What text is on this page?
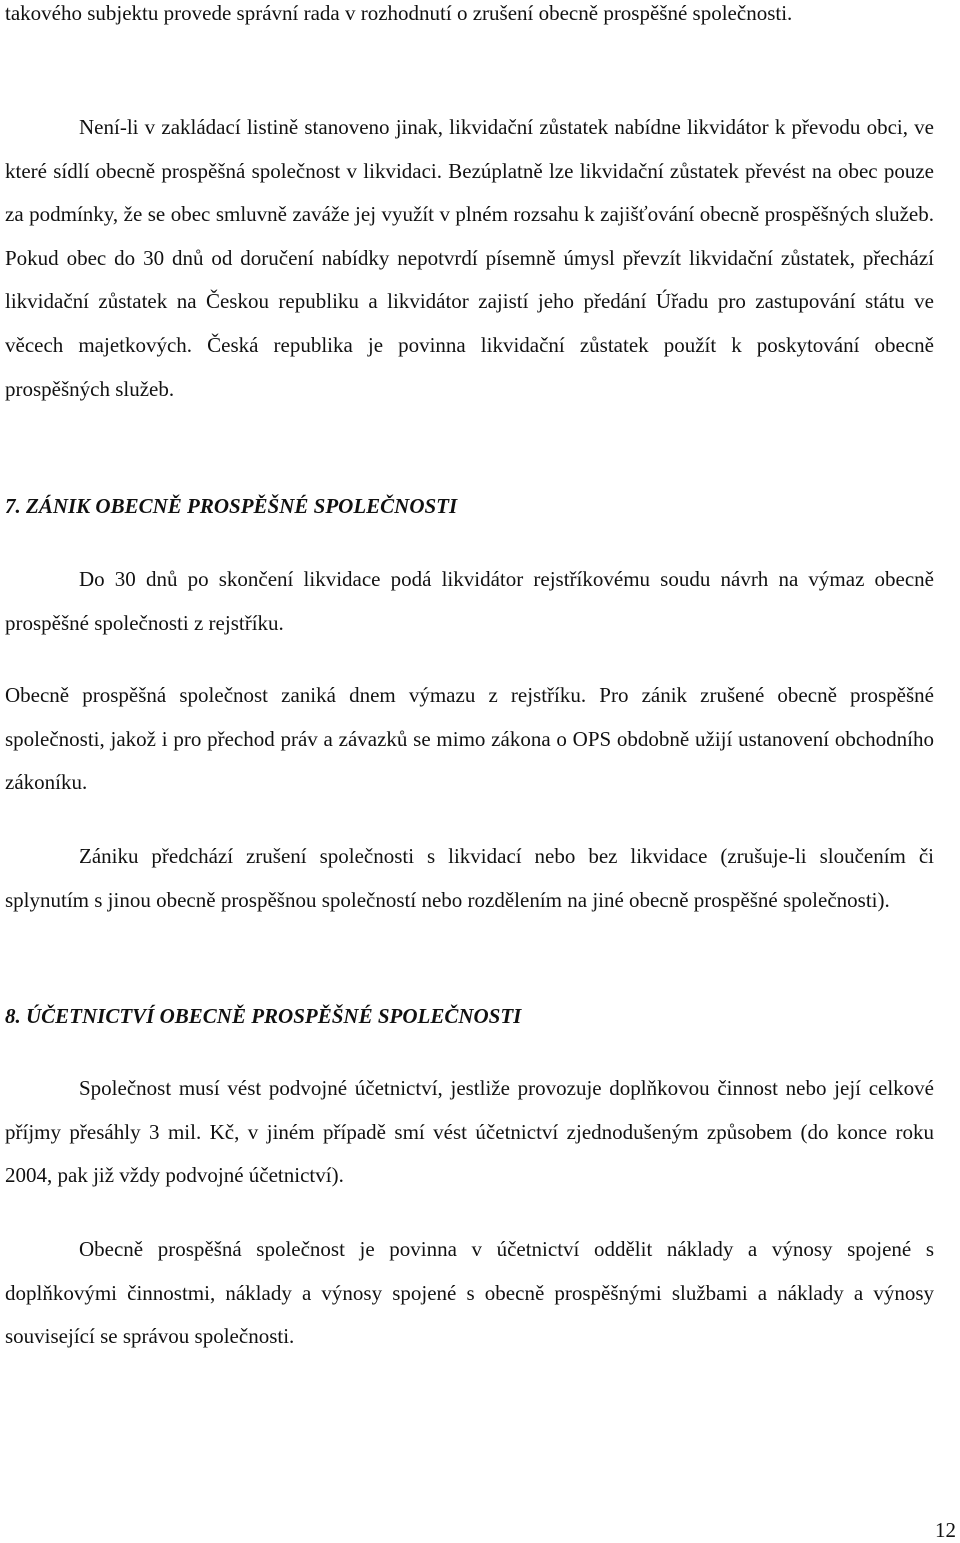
takového subjektu provede správní rada v rozhodnutí o zrušení obecně prospěšné společnosti.

Není-li v zakládací listině stanoveno jinak, likvidační zůstatek nabídne likvidátor k převodu obci, ve které sídlí obecně prospěšná společnost v likvidaci. Bezúplatně lze likvidační zůstatek převést na obec pouze za podmínky, že se obec smluvně zaváže jej využít v plném rozsahu k zajišťování obecně prospěšných služeb. Pokud obec do 30 dnů od doručení nabídky nepotvrdí písemně úmysl převzít likvidační zůstatek, přechází likvidační zůstatek na Českou republiku a likvidátor zajistí jeho předání Úřadu pro zastupování státu ve věcech majetkových. Česká republika je povinna likvidační zůstatek použít k poskytování obecně prospěšných služeb.

7. ZÁNIK OBECNĚ PROSPĚŠNÉ SPOLEČNOSTI

Do 30 dnů po skončení likvidace podá likvidátor rejstříkovému soudu návrh na výmaz obecně prospěšné společnosti z rejstříku.

Obecně prospěšná společnost zaniká dnem výmazu z rejstříku. Pro zánik zrušené obecně prospěšné společnosti, jakož i pro přechod práv a závazků se mimo zákona o OPS obdobně užijí ustanovení obchodního zákoníku.

Zániku předchází zrušení společnosti s likvidací nebo bez likvidace (zrušuje-li sloučením či splynutím s jinou obecně prospěšnou společností nebo rozdělením na jiné obecně prospěšné společnosti).

8. ÚČETNICTVÍ OBECNĚ PROSPĚŠNÉ SPOLEČNOSTI

Společnost musí vést podvojné účetnictví, jestliže provozuje doplňkovou činnost nebo její celkové příjmy přesáhly 3 mil. Kč, v jiném případě smí vést účetnictví zjednodušeným způsobem (do konce roku 2004, pak již vždy podvojné účetnictví).

Obecně prospěšná společnost je povinna v účetnictví oddělit náklady a výnosy spojené s doplňkovými činnostmi, náklady a výnosy spojené s obecně prospěšnými službami a náklady a výnosy související se správou společnosti.

12
